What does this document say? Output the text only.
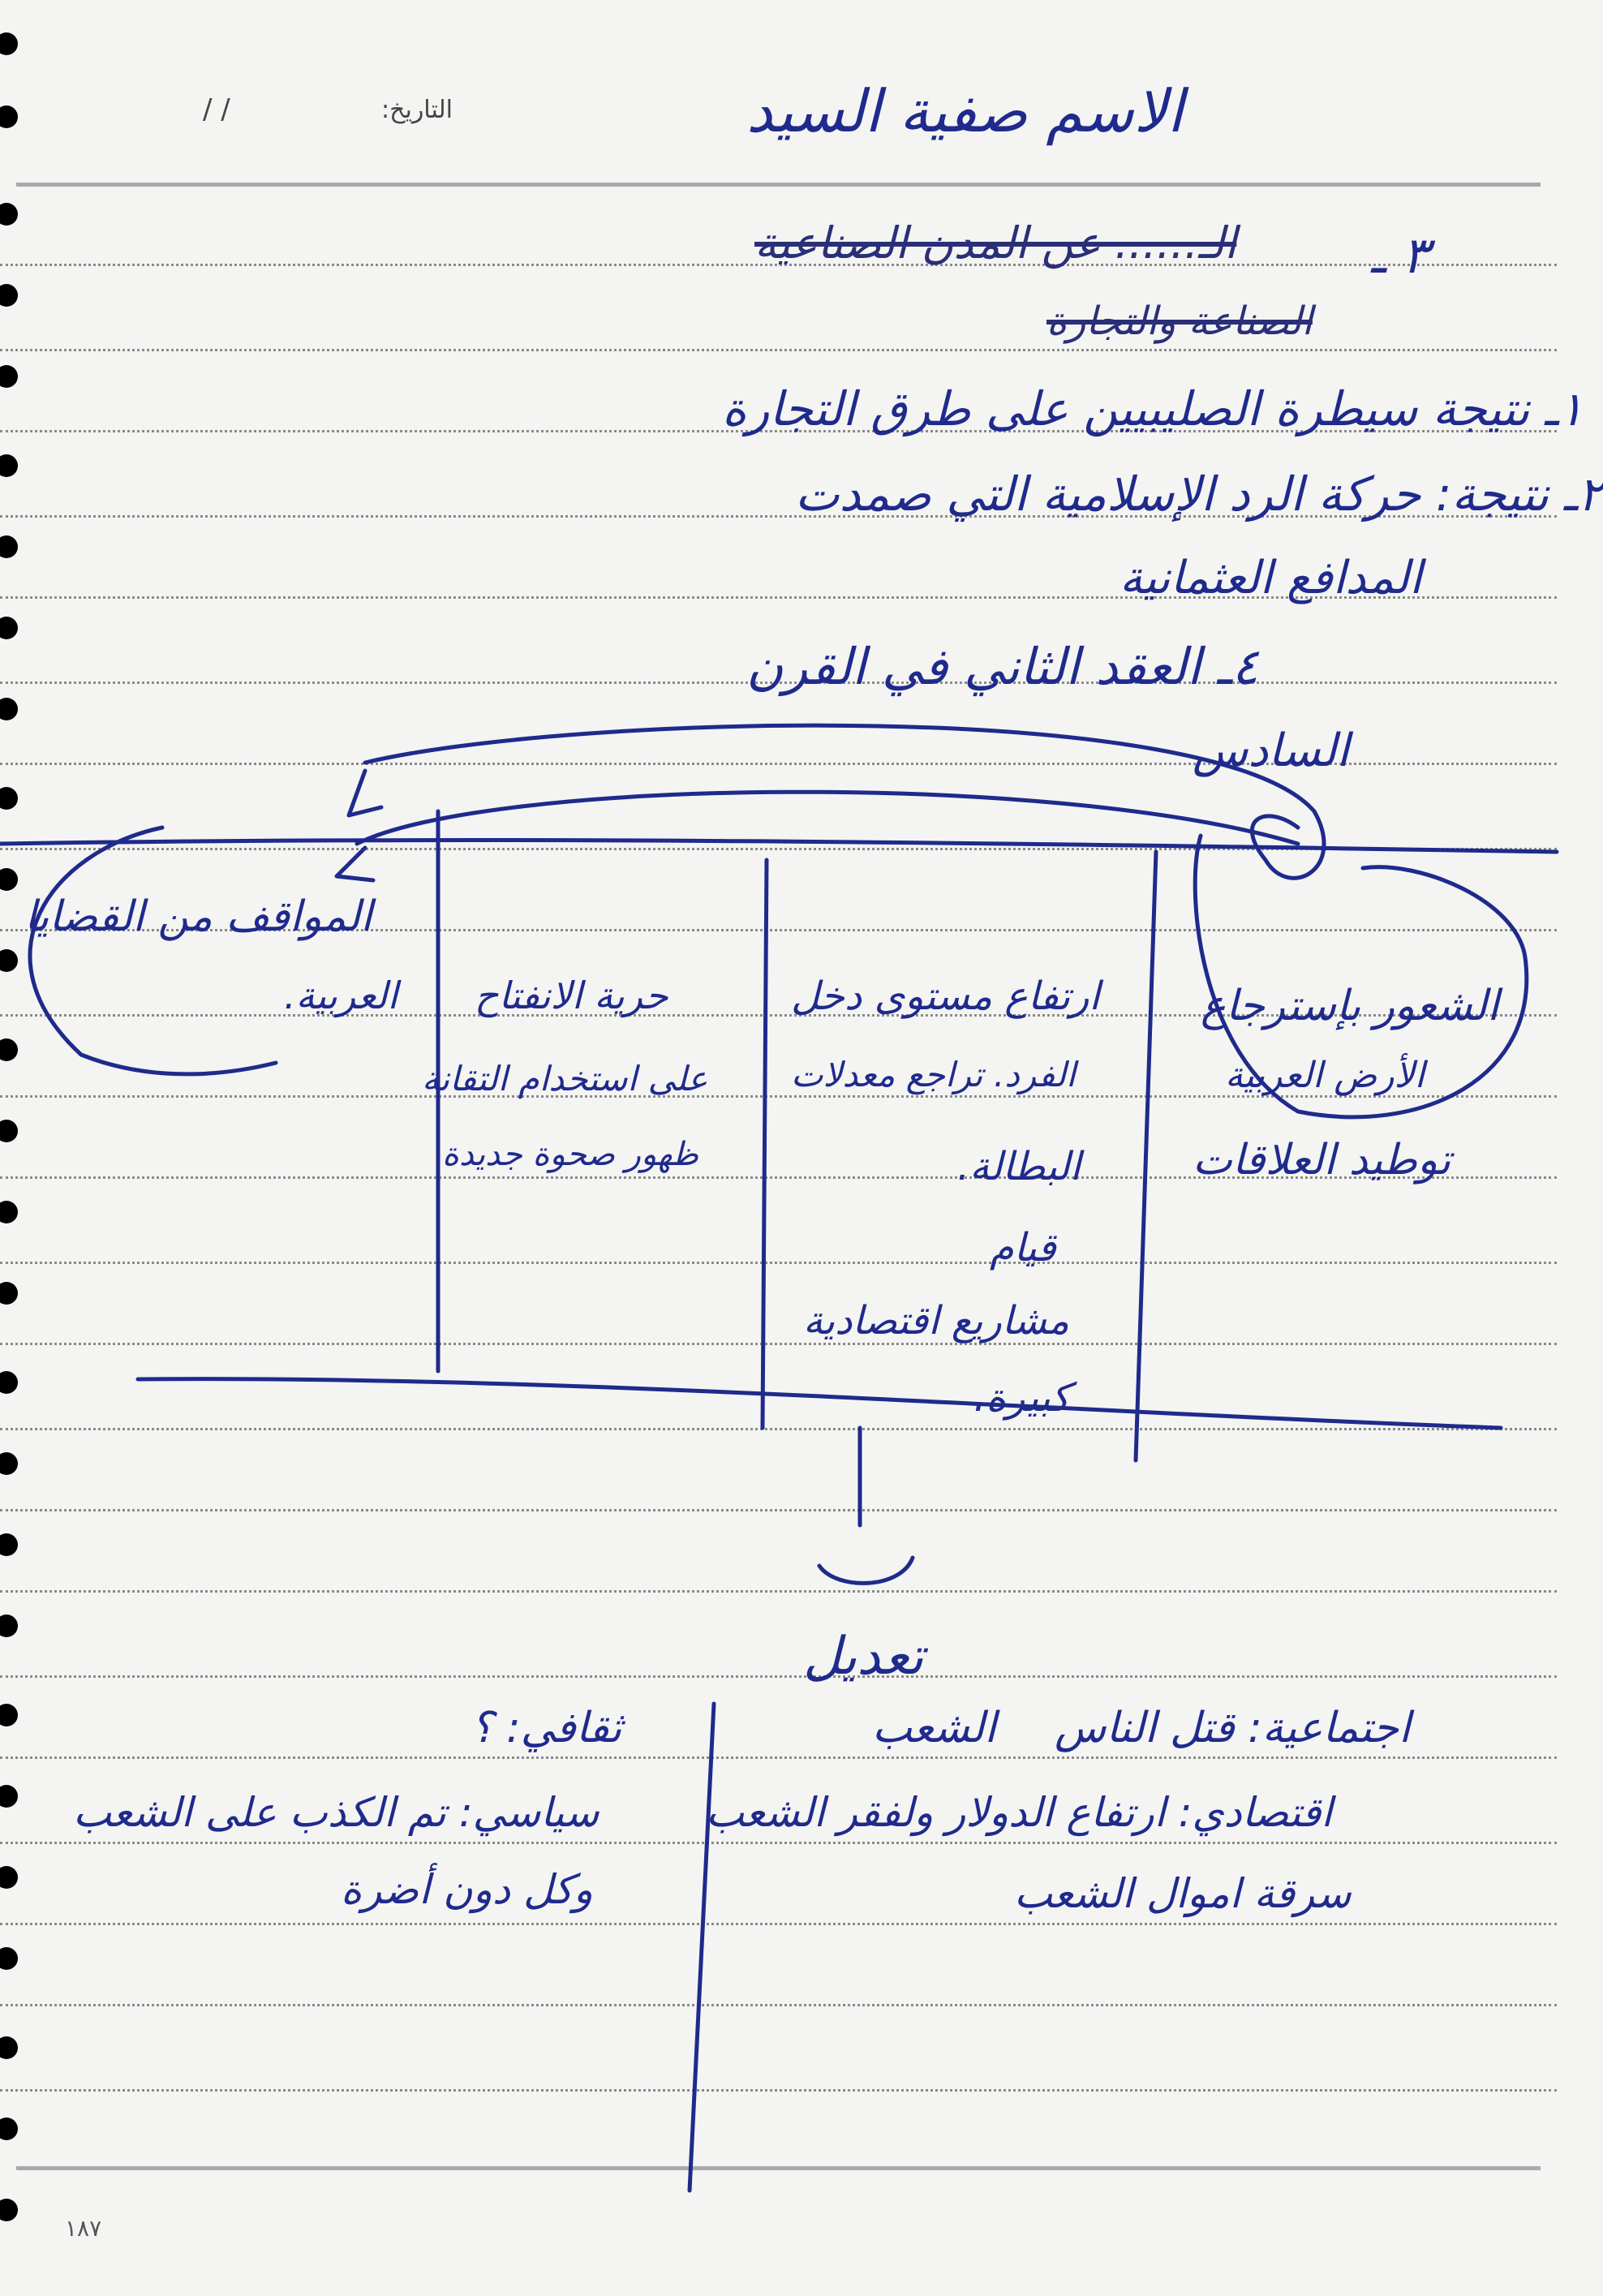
التاريخ:
/ /	الاسم صفية السيد
٣ ـ
الـ...... عن المدن الصناعية
الصناعة والتجارة
١ـ نتيجة سيطرة الصليبيين على طرق التجارة
٢ـ نتيجة: حركة الرد الإسلامية التي صمدت
المدافع العثمانية
٤ـ العقد الثاني في القرن
السادس
الشعور بإسترجاع
الأرض العربية
توطيد العلاقات
ارتفاع مستوى دخل
الفرد. تراجع معدلات
البطالة.
قيام
مشاريع اقتصادية
كبيرة.
حرية الانفتاح
على استخدام التقانة
ظهور صحوة جديدة
المواقف من القضايا
العربية.
تعديل
اجتماعية: قتل الناس
الشعب
ثقافي: ؟
اقتصادي: ارتفاع الدولار ولفقر الشعب
سياسي: تم الكذب على الشعب
سرقة اموال الشعب
وكل دون أضرة
١٨٧
